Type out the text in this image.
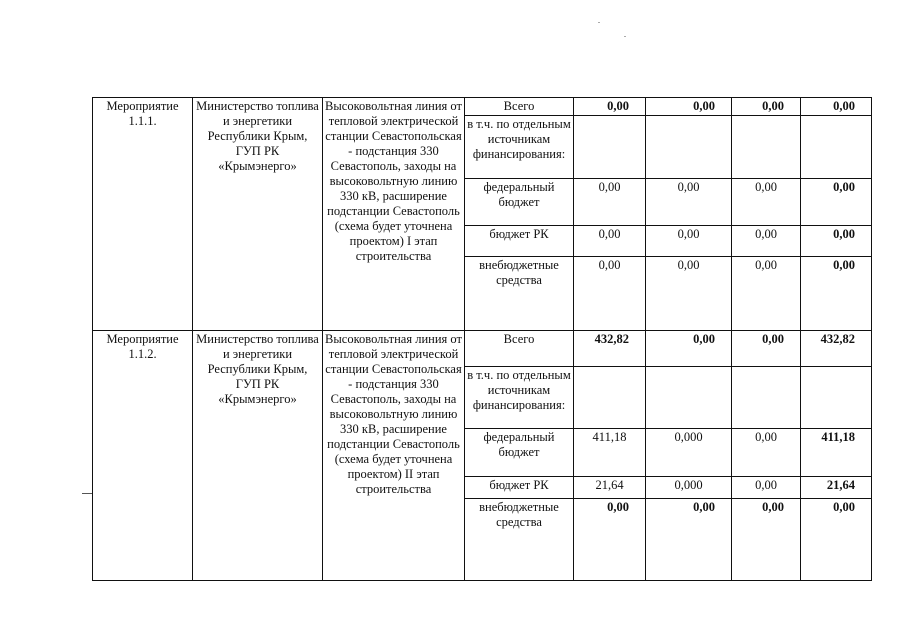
Мероприятие 1.1.1.	Министерство топлива и энергетики Республики Крым, ГУП РК «Крымэнерго»	Высоковольтная линия от тепловой электрической станции Севастопольская - подстанция 330 Севастополь, заходы на высоковольтную линию 330 кВ, расширение подстанции Севастополь (схема будет уточнена проектом) I этап строительства	Всего	0,00	0,00	0,00	0,00
			в т.ч. по отдельным источникам финансирования:				
			федеральный бюджет	0,00	0,00	0,00	0,00
			бюджет РК	0,00	0,00	0,00	0,00
			внебюджетные средства	0,00	0,00	0,00	0,00
Мероприятие 1.1.2.	Министерство топлива и энергетики Республики Крым, ГУП РК «Крымэнерго»	Высоковольтная линия от тепловой электрической станции Севастопольская - подстанция 330 Севастополь, заходы на высоковольтную линию 330 кВ, расширение подстанции Севастополь (схема будет уточнена проектом) II этап строительства	Всего	432,82	0,00	0,00	432,82
			в т.ч. по отдельным источникам финансирования:				
			федеральный бюджет	411,18	0,000	0,00	411,18
			бюджет РК	21,64	0,000	0,00	21,64
			внебюджетные средства	0,00	0,00	0,00	0,00
